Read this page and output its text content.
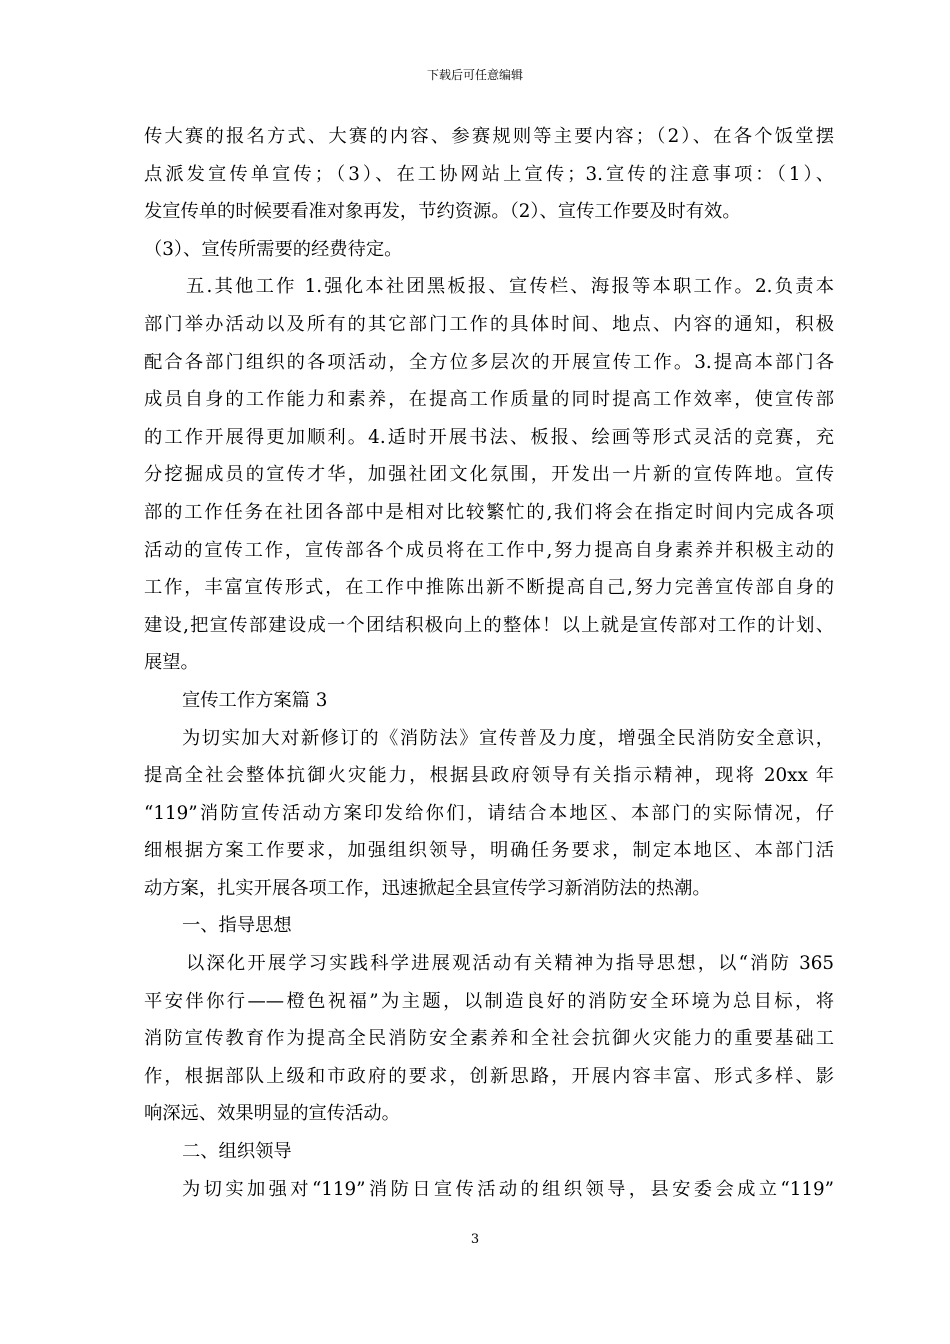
下载后可任意编辑
传大赛的报名方式、大赛的内容、参赛规则等主要内容；（2）、在各个饭堂摆
点派发宣传单宣传；（3）、在工协网站上宣传；3.宣传的注意事项：（1）、
发宣传单的时候要看准对象再发，节约资源。（2）、宣传工作要及时有效。
（3）、宣传所需要的经费待定。
五.其他工作 1.强化本社团黑板报、宣传栏、海报等本职工作。2.负责本
部门举办活动以及所有的其它部门工作的具体时间、地点、内容的通知，积极
配合各部门组织的各项活动，全方位多层次的开展宣传工作。3.提高本部门各
成员自身的工作能力和素养，在提高工作质量的同时提高工作效率，使宣传部
的工作开展得更加顺利。4.适时开展书法、板报、绘画等形式灵活的竞赛，充
分挖掘成员的宣传才华，加强社团文化氛围，开发出一片新的宣传阵地。宣传
部的工作任务在社团各部中是相对比较繁忙的,我们将会在指定时间内完成各项
活动的宣传工作，宣传部各个成员将在工作中,努力提高自身素养并积极主动的
工作，丰富宣传形式，在工作中推陈出新不断提高自己,努力完善宣传部自身的
建设,把宣传部建设成一个团结积极向上的整体！以上就是宣传部对工作的计划、
展望。
宣传工作方案篇 3
为切实加大对新修订的《消防法》宣传普及力度，增强全民消防安全意识，
提高全社会整体抗御火灾能力，根据县政府领导有关指示精神，现将 20xx 年
“119”消防宣传活动方案印发给你们，请结合本地区、本部门的实际情况，仔
细根据方案工作要求，加强组织领导，明确任务要求，制定本地区、本部门活
动方案，扎实开展各项工作，迅速掀起全县宣传学习新消防法的热潮。
一、指导思想
以深化开展学习实践科学进展观活动有关精神为指导思想，以“消防 365
平安伴你行——橙色祝福”为主题，以制造良好的消防安全环境为总目标，将
消防宣传教育作为提高全民消防安全素养和全社会抗御火灾能力的重要基础工
作，根据部队上级和市政府的要求，创新思路，开展内容丰富、形式多样、影
响深远、效果明显的宣传活动。
二、组织领导
为切实加强对“119”消防日宣传活动的组织领导，县安委会成立“119”
3
